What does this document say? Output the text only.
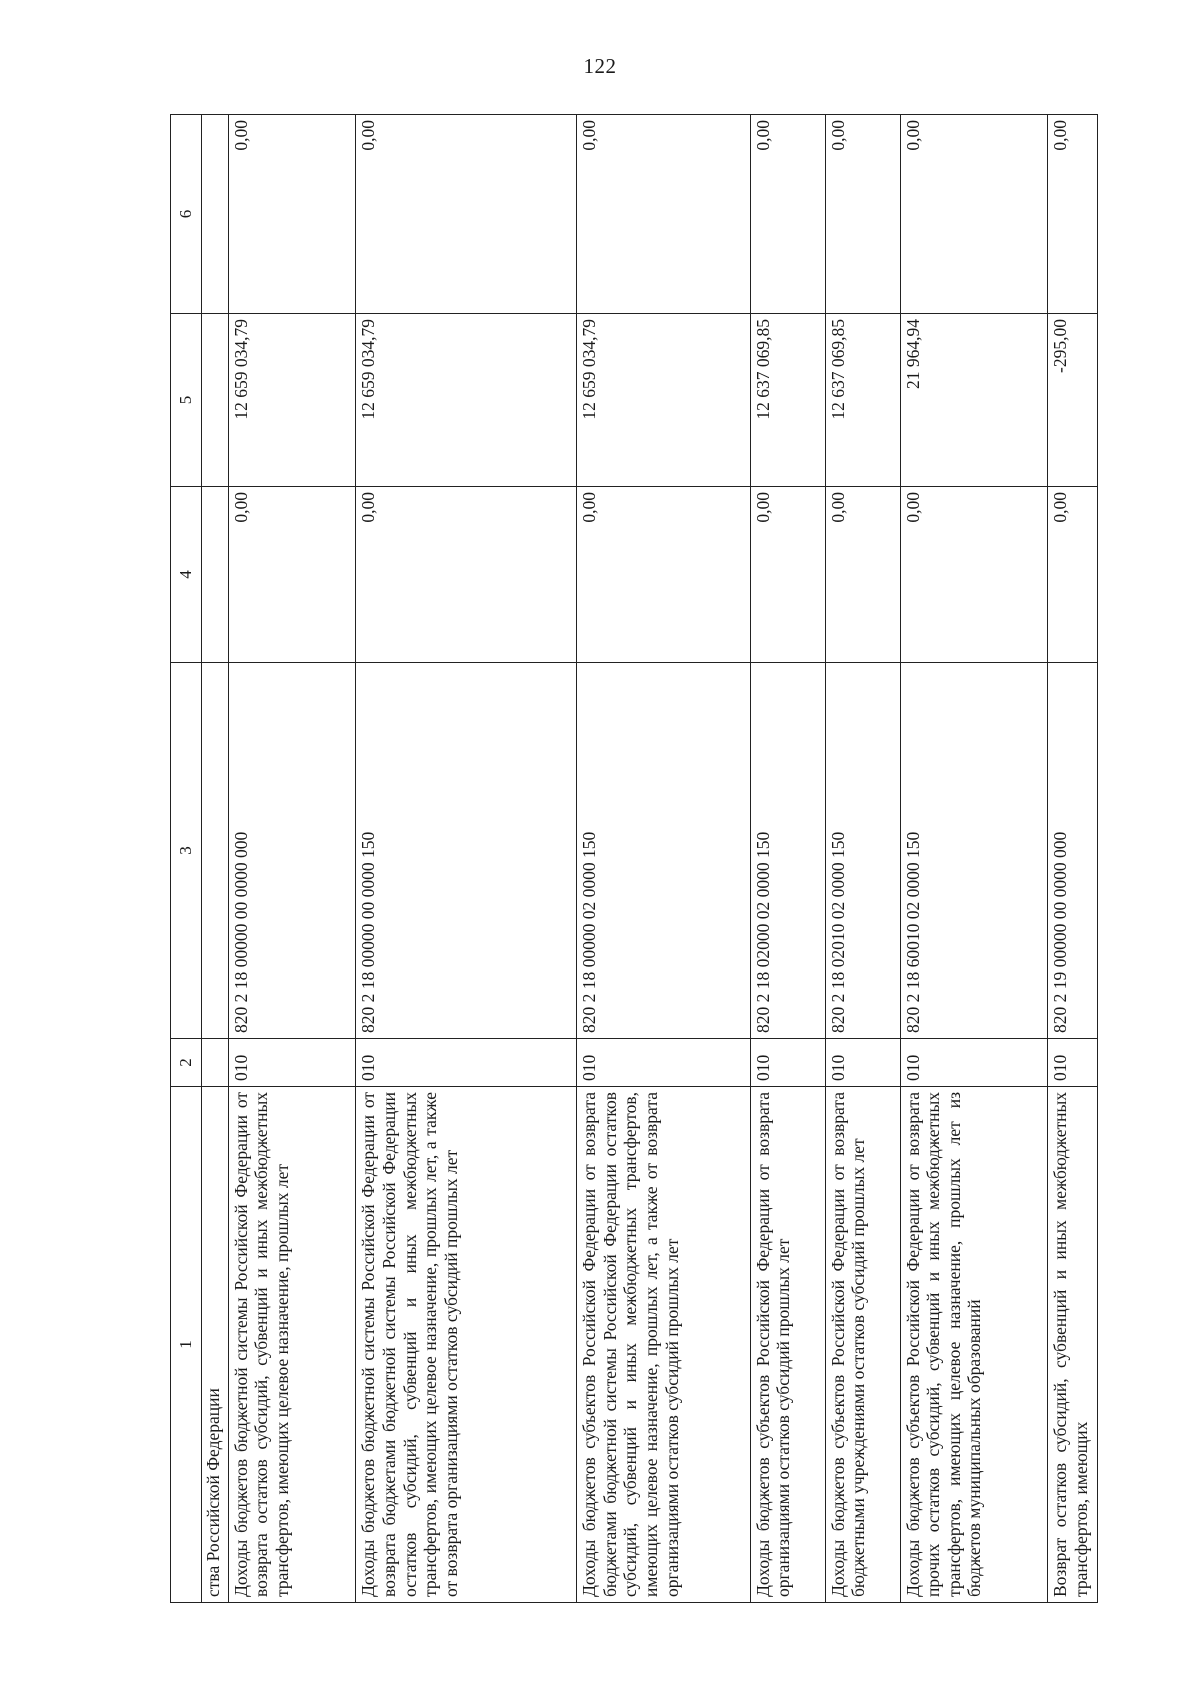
122
1	2	3	4	5	6
ства Российской Федерации					
Доходы бюджетов бюджетной системы Российской Федерации от возврата остатков субсидий, субвенций и иных межбюджетных трансфертов, имеющих целевое назначение, прошлых лет	010	820 2 18 00000 00 0000 000	0,00	12 659 034,79	0,00
Доходы бюджетов бюджетной системы Российской Федерации от возврата бюджетами бюджетной системы Российской Федерации остатков субсидий, субвенций и иных межбюджетных трансфертов, имеющих целевое назначение, прошлых лет, а также от возврата организациями остатков субсидий прошлых лет	010	820 2 18 00000 00 0000 150	0,00	12 659 034,79	0,00
Доходы бюджетов субъектов Российской Федерации от возврата бюджетами бюджетной системы Российской Федерации остатков субсидий, субвенций и иных межбюджетных трансфертов, имеющих целевое назначение, прошлых лет, а также от возврата организациями остатков субсидий прошлых лет	010	820 2 18 00000 02 0000 150	0,00	12 659 034,79	0,00
Доходы бюджетов субъектов Российской Федерации от возврата организациями остатков субсидий прошлых лет	010	820 2 18 02000 02 0000 150	0,00	12 637 069,85	0,00
Доходы бюджетов субъектов Российской Федерации от возврата бюджетными учреждениями остатков субсидий прошлых лет	010	820 2 18 02010 02 0000 150	0,00	12 637 069,85	0,00
Доходы бюджетов субъектов Российской Федерации от возврата прочих остатков субсидий, субвенций и иных межбюджетных трансфертов, имеющих целевое назначение, прошлых лет из бюджетов муниципальных образований	010	820 2 18 60010 02 0000 150	0,00	21 964,94	0,00
Возврат остатков субсидий, субвенций и иных межбюджетных трансфертов, имеющих	010	820 2 19 00000 00 0000 000	0,00	-295,00	0,00
